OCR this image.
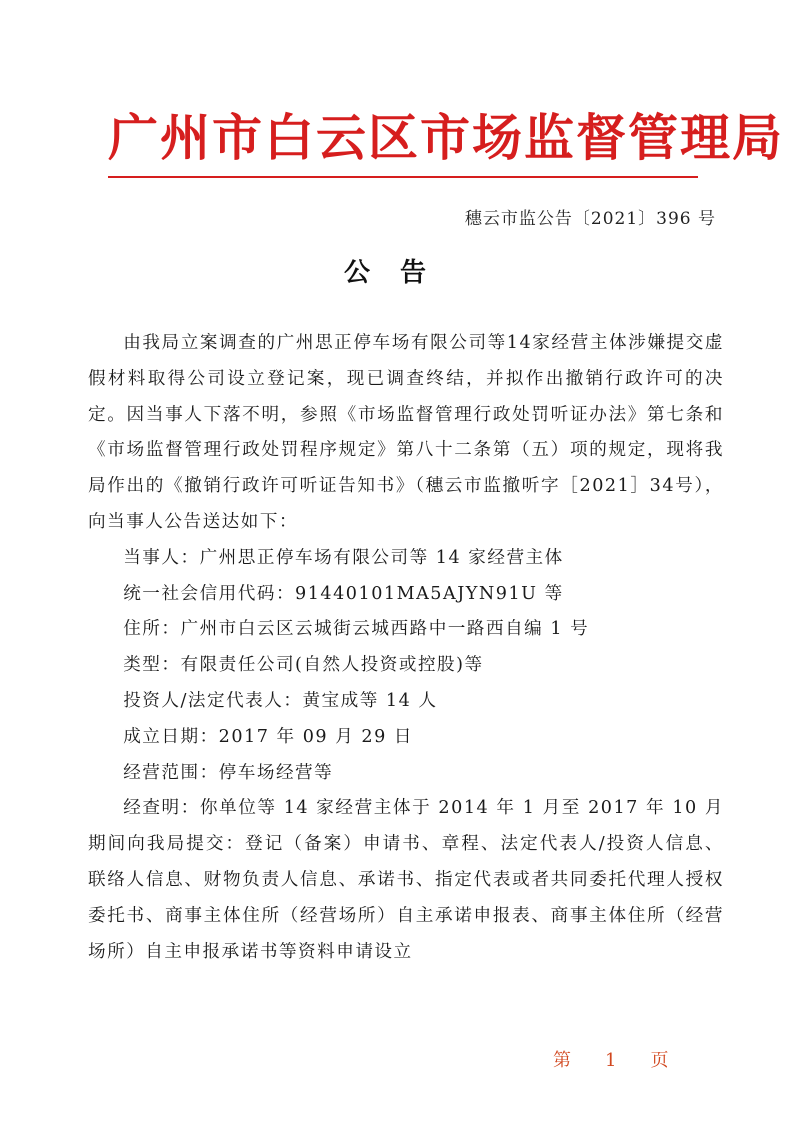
广州市白云区市场监督管理局
穗云市监公告〔2021〕396 号
公告

由我局立案调查的广州思正停车场有限公司等14家经营主体涉嫌提交虚假材料取得公司设立登记案，现已调查终结，并拟作出撤销行政许可的决定。因当事人下落不明，参照《市场监督管理行政处罚听证办法》第七条和《市场监督管理行政处罚程序规定》第八十二条第（五）项的规定，现将我局作出的《撤销行政许可听证告知书》（穗云市监撤听字［2021］34号），向当事人公告送达如下：

当事人：广州思正停车场有限公司等 14 家经营主体

统一社会信用代码：91440101MA5AJYN91U 等

住所：广州市白云区云城街云城西路中一路西自编 1 号

类型：有限责任公司(自然人投资或控股)等

投资人/法定代表人：黄宝成等 14 人

成立日期：2017 年 09 月 29 日

经营范围：停车场经营等

经查明：你单位等 14 家经营主体于 2014 年 1 月至 2017 年 10 月期间向我局提交：登记（备案）申请书、章程、法定代表人/投资人信息、联络人信息、财物负责人信息、承诺书、指定代表或者共同委托代理人授权委托书、商事主体住所（经营场所）自主承诺申报表、商事主体住所（经营场所）自主申报承诺书等资料申请设立

第 1 页
